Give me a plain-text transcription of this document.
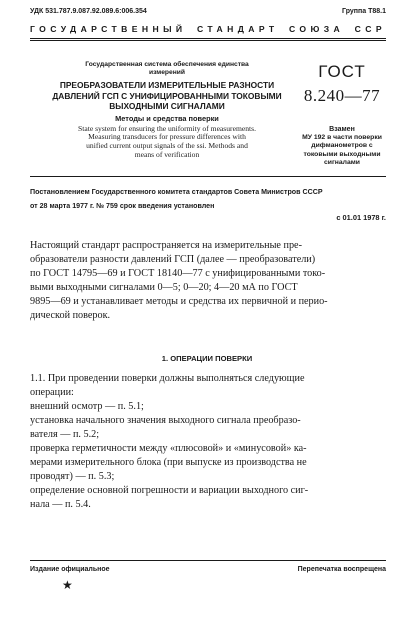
УДК 531.787.9.087.92.089.6:006.354	Группа Т88.1
ГОСУДАРСТВЕННЫЙ СТАНДАРТ СОЮЗА ССР
Государственная система обеспечения единства
измерений
ПРЕОБРАЗОВАТЕЛИ ИЗМЕРИТЕЛЬНЫЕ РАЗНОСТИ
ДАВЛЕНИЙ ГСП С УНИФИЦИРОВАННЫМИ ТОКОВЫМИ
ВЫХОДНЫМИ СИГНАЛАМИ
Методы и средства поверки
State system for ensuring the uniformity of measurements.
Measuring transducers for pressure differences with
unified current output signals of the ssi. Methods and
means of verification
ГОСТ
8.240—77
Взамен
МУ 192 в части поверки
дифманометров с
токовыми выходными
сигналами
Постановлением Государственного комитета стандартов Совета Министров СССР
от 28 марта 1977 г. № 759 срок введения установлен
с 01.01 1978 г.
Настоящий стандарт распространяется на измерительные пре-
образователи разности давлений ГСП (далее — преобразователи)
по ГОСТ 14795—69 и ГОСТ 18140—77 с унифицированными токо-
выми выходными сигналами 0—5; 0—20; 4—20 мА по ГОСТ
9895—69 и устанавливает методы и средства их первичной и перио-
дической поверок.
1. ОПЕРАЦИИ ПОВЕРКИ
1.1. При проведении поверки должны выполняться следующие
операции:
внешний осмотр — п. 5.1;
установка начального значения выходного сигнала преобразо-
вателя — п. 5.2;
проверка герметичности между «плюсовой» и «минусовой» ка-
мерами измерительного блока (при выпуске из производства не
проводят) — п. 5.3;
определение основной погрешности и вариации выходного сиг-
нала — п. 5.4.
Издание официальное	Перепечатка воспрещена
★
